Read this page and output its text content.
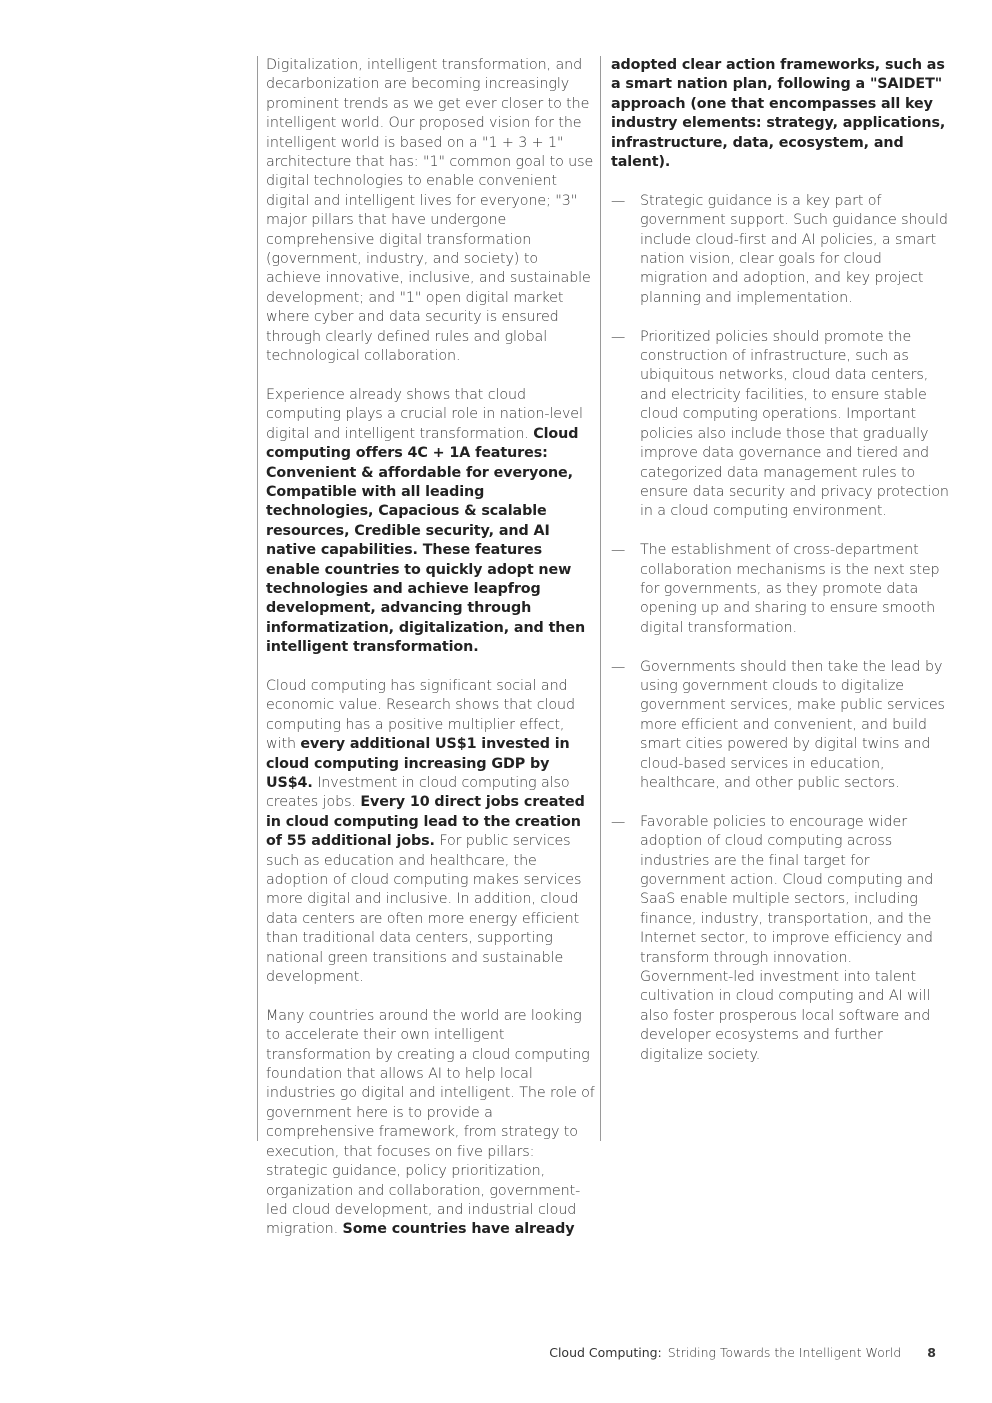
Digitalization, intelligent transformation, and decarbonization are becoming increasingly prominent trends as we get ever closer to the intelligent world. Our proposed vision for the intelligent world is based on a "1 + 3 + 1" architecture that has: "1" common goal to use digital technologies to enable convenient digital and intelligent lives for everyone; "3" major pillars that have undergone comprehensive digital transformation (government, industry, and society) to achieve innovative, inclusive, and sustainable development; and "1" open digital market where cyber and data security is ensured through clearly defined rules and global technological collaboration.

Experience already shows that cloud computing plays a crucial role in nation-level digital and intelligent transformation. Cloud computing offers 4C + 1A features: Convenient & affordable for everyone, Compatible with all leading technologies, Capacious & scalable resources, Credible security, and AI native capabilities. These features enable countries to quickly adopt new technologies and achieve leapfrog development, advancing through informatization, digitalization, and then intelligent transformation.

Cloud computing has significant social and economic value. Research shows that cloud computing has a positive multiplier effect, with every additional US$1 invested in cloud computing increasing GDP by US$4. Investment in cloud computing also creates jobs. Every 10 direct jobs created in cloud computing lead to the creation of 55 additional jobs. For public services such as education and healthcare, the adoption of cloud computing makes services more digital and inclusive. In addition, cloud data centers are often more energy efficient than traditional data centers, supporting national green transitions and sustainable development.

Many countries around the world are looking to accelerate their own intelligent transformation by creating a cloud computing foundation that allows AI to help local industries go digital and intelligent. The role of government here is to provide a comprehensive framework, from strategy to execution, that focuses on five pillars: strategic guidance, policy prioritization, organization and collaboration, government-led cloud development, and industrial cloud migration. Some countries have already

adopted clear action frameworks, such as a smart nation plan, following a "SAIDET" approach (one that encompasses all key industry elements: strategy, applications, infrastructure, data, ecosystem, and talent).

— Strategic guidance is a key part of government support. Such guidance should include cloud-first and AI policies, a smart nation vision, clear goals for cloud migration and adoption, and key project planning and implementation.
— Prioritized policies should promote the construction of infrastructure, such as ubiquitous networks, cloud data centers, and electricity facilities, to ensure stable cloud computing operations. Important policies also include those that gradually improve data governance and tiered and categorized data management rules to ensure data security and privacy protection in a cloud computing environment.
— The establishment of cross-department collaboration mechanisms is the next step for governments, as they promote data opening up and sharing to ensure smooth digital transformation.
— Governments should then take the lead by using government clouds to digitalize government services, make public services more efficient and convenient, and build smart cities powered by digital twins and cloud-based services in education, healthcare, and other public sectors.
— Favorable policies to encourage wider adoption of cloud computing across industries are the final target for government action. Cloud computing and SaaS enable multiple sectors, including finance, industry, transportation, and the Internet sector, to improve efficiency and transform through innovation. Government-led investment into talent cultivation in cloud computing and AI will also foster prosperous local software and developer ecosystems and further digitalize society.
Cloud Computing: Striding Towards the Intelligent World 8
